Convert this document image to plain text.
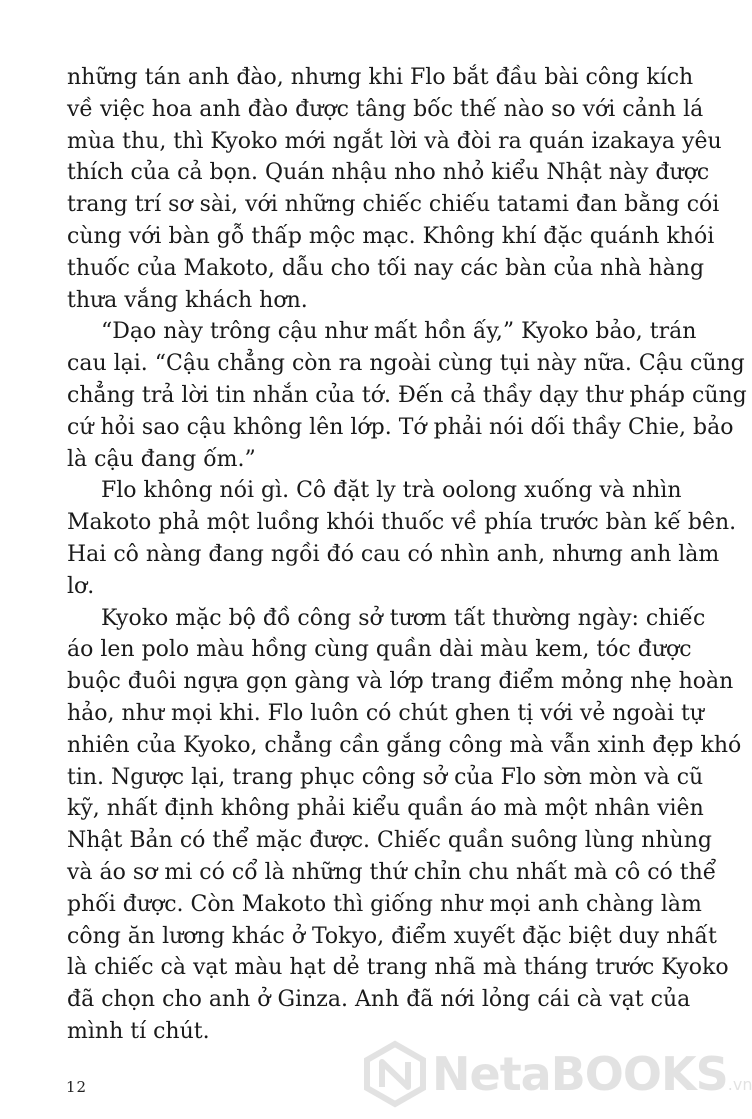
những tán anh đào, nhưng khi Flo bắt đầu bài công kích
về việc hoa anh đào được tâng bốc thế nào so với cảnh lá
mùa thu, thì Kyoko mới ngắt lời và đòi ra quán izakaya yêu
thích của cả bọn. Quán nhậu nho nhỏ kiểu Nhật này được
trang trí sơ sài, với những chiếc chiếu tatami đan bằng cói
cùng với bàn gỗ thấp mộc mạc. Không khí đặc quánh khói
thuốc của Makoto, dẫu cho tối nay các bàn của nhà hàng
thưa vắng khách hơn.
“Dạo này trông cậu như mất hồn ấy,” Kyoko bảo, trán
cau lại. “Cậu chẳng còn ra ngoài cùng tụi này nữa. Cậu cũng
chẳng trả lời tin nhắn của tớ. Đến cả thầy dạy thư pháp cũng
cứ hỏi sao cậu không lên lớp. Tớ phải nói dối thầy Chie, bảo
là cậu đang ốm.”
Flo không nói gì. Cô đặt ly trà oolong xuống và nhìn
Makoto phả một luồng khói thuốc về phía trước bàn kế bên.
Hai cô nàng đang ngồi đó cau có nhìn anh, nhưng anh làm
lơ.
Kyoko mặc bộ đồ công sở tươm tất thường ngày: chiếc
áo len polo màu hồng cùng quần dài màu kem, tóc được
buộc đuôi ngựa gọn gàng và lớp trang điểm mỏng nhẹ hoàn
hảo, như mọi khi. Flo luôn có chút ghen tị với vẻ ngoài tự
nhiên của Kyoko, chẳng cần gắng công mà vẫn xinh đẹp khó
tin. Ngược lại, trang phục công sở của Flo sờn mòn và cũ
kỹ, nhất định không phải kiểu quần áo mà một nhân viên
Nhật Bản có thể mặc được. Chiếc quần suông lùng nhùng
và áo sơ mi có cổ là những thứ chỉn chu nhất mà cô có thể
phối được. Còn Makoto thì giống như mọi anh chàng làm
công ăn lương khác ở Tokyo, điểm xuyết đặc biệt duy nhất
là chiếc cà vạt màu hạt dẻ trang nhã mà tháng trước Kyoko
đã chọn cho anh ở Ginza. Anh đã nới lỏng cái cà vạt của
mình tí chút.
12	NetaBOOKS .vn
